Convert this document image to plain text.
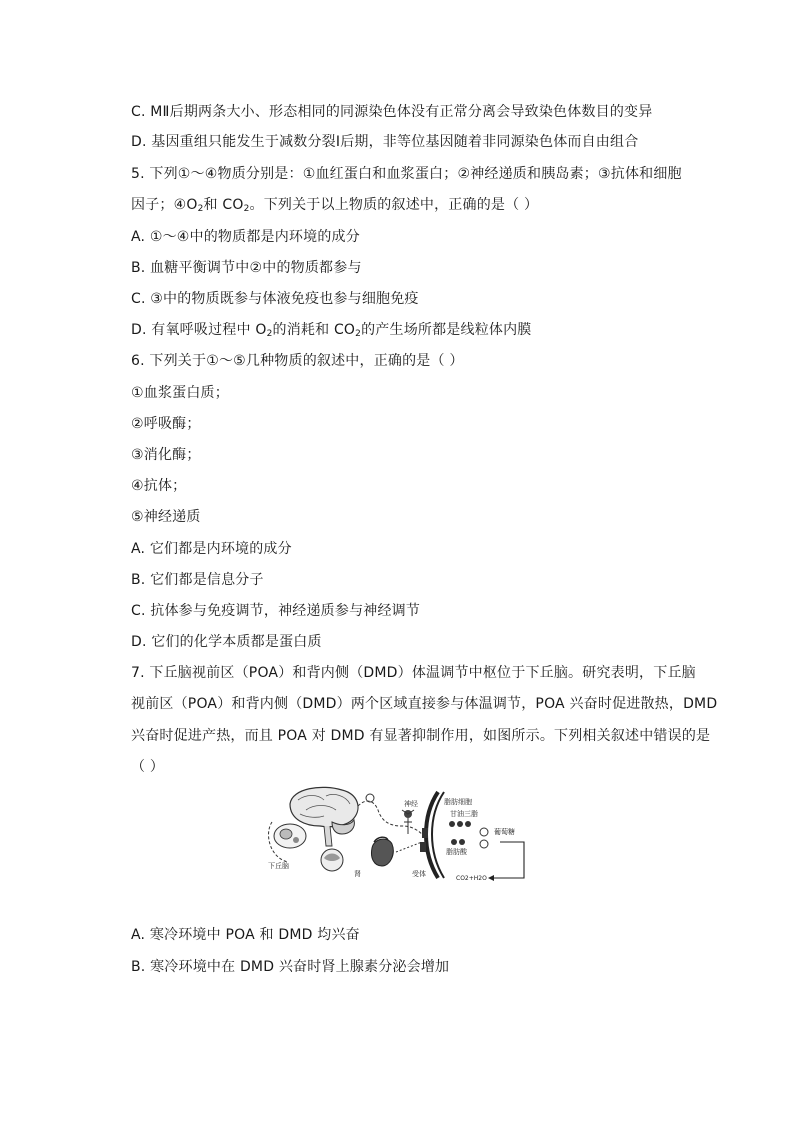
C. MⅡ后期两条大小、形态相同的同源染色体没有正常分离会导致染色体数目的变异
D. 基因重组只能发生于减数分裂Ⅰ后期，非等位基因随着非同源染色体而自由组合
5. 下列①～④物质分别是：①血红蛋白和血浆蛋白；②神经递质和胰岛素；③抗体和细胞
因子；$④O_2$和 $CO_2$。下列关于以上物质的叙述中，正确的是（ ）
A. ①～④中的物质都是内环境的成分
B. 血糖平衡调节中②中的物质都参与
C. ③中的物质既参与体液免疫也参与细胞免疫
D. 有氧呼吸过程中 $O_2$的消耗和 $CO_2$的产生场所都是线粒体内膜
6. 下列关于①～⑤几种物质的叙述中，正确的是（ ）
①血浆蛋白质；
②呼吸酶；
③消化酶；
④抗体；
⑤神经递质
A. 它们都是内环境的成分
B. 它们都是信息分子
C. 抗体参与免疫调节，神经递质参与神经调节
D. 它们的化学本质都是蛋白质
7. 下丘脑视前区（POA）和背内侧（DMD）体温调节中枢位于下丘脑。研究表明，下丘脑
视前区（POA）和背内侧（DMD）两个区域直接参与体温调节，POA 兴奋时促进散热，DMD
兴奋时促进产热，而且 POA 对 DMD 有显著抑制作用，如图所示。下列相关叙述中错误的是
（ ）
神经	脂肪细胞
甘油三脂
脂肪酸
葡萄糖
下丘脑
肾	受体
CO2+H2O
A. 寒冷环境中 POA 和 DMD 均兴奋
B. 寒冷环境中在 DMD 兴奋时肾上腺素分泌会增加
